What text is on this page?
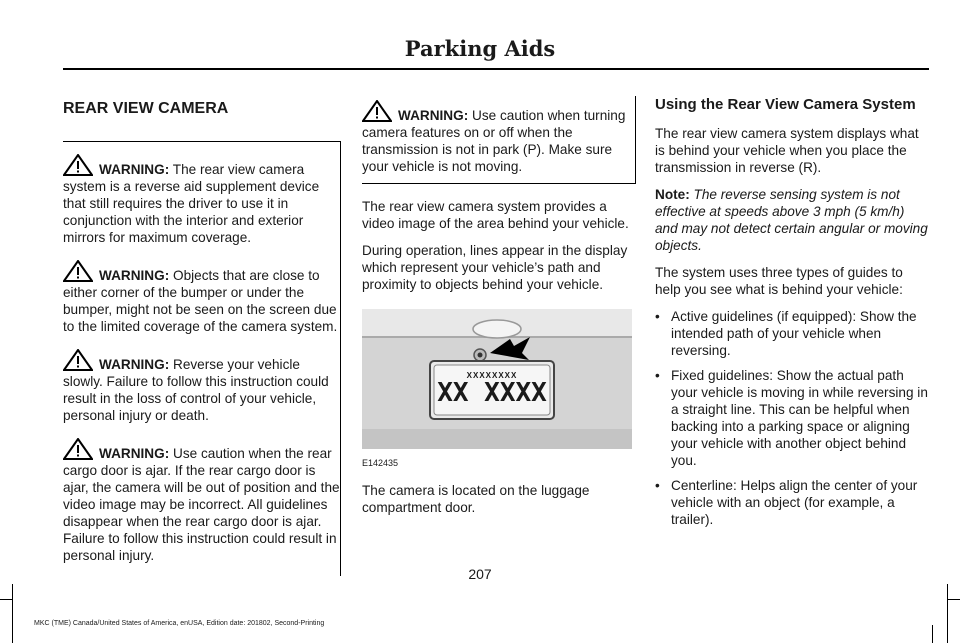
Parking Aids
REAR VIEW CAMERA
WARNING: The rear view camera system is a reverse aid supplement device that still requires the driver to use it in conjunction with the interior and exterior mirrors for maximum coverage.
WARNING: Objects that are close to either corner of the bumper or under the bumper, might not be seen on the screen due to the limited coverage of the camera system.
WARNING: Reverse your vehicle slowly. Failure to follow this instruction could result in the loss of control of your vehicle, personal injury or death.
WARNING: Use caution when the rear cargo door is ajar. If the rear cargo door is ajar, the camera will be out of position and the video image may be incorrect. All guidelines disappear when the rear cargo door is ajar. Failure to follow this instruction could result in personal injury.
WARNING: Use caution when turning camera features on or off when the transmission is not in park (P). Make sure your vehicle is not moving.

The rear view camera system provides a video image of the area behind your vehicle.

During operation, lines appear in the display which represent your vehicle’s path and proximity to objects behind your vehicle.

XXXXXXXX
XX XXXX
E142435

The camera is located on the luggage compartment door.

Using the Rear View Camera System

The rear view camera system displays what is behind your vehicle when you place the transmission in reverse (R).

Note: The reverse sensing system is not effective at speeds above 3 mph (5 km/h) and may not detect certain angular or moving objects.

The system uses three types of guides to help you see what is behind your vehicle:

• Active guidelines (if equipped): Show the intended path of your vehicle when reversing.
• Fixed guidelines: Show the actual path your vehicle is moving in while reversing in a straight line. This can be helpful when backing into a parking space or aligning your vehicle with another object behind you.
• Centerline: Helps align the center of your vehicle with an object (for example, a trailer).
207
MKC (TME) Canada/United States of America, enUSA, Edition date: 201802, Second-Printing
